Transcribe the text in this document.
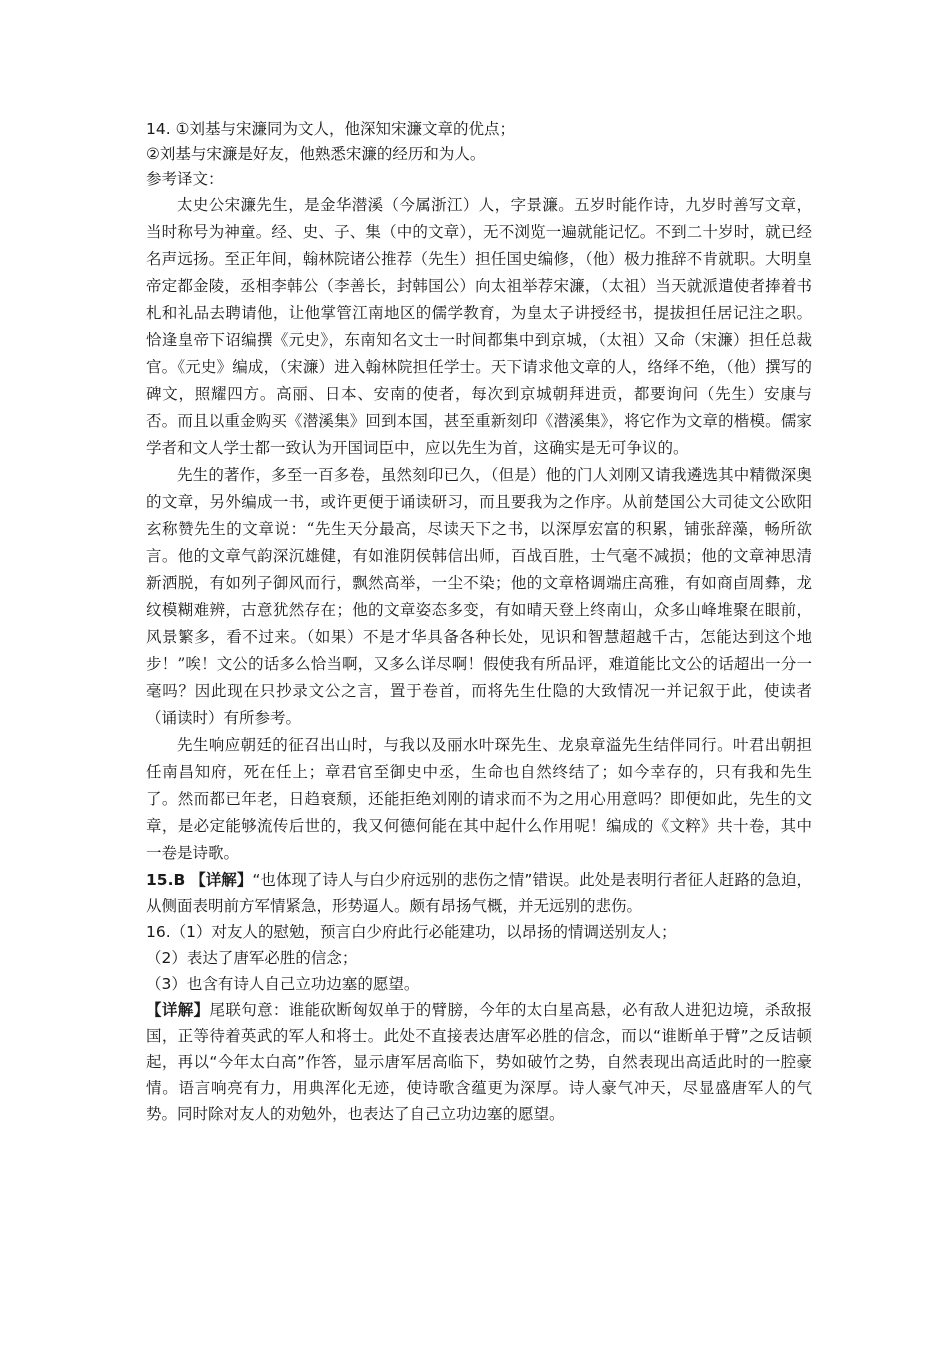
14. ①刘基与宋濂同为文人，他深知宋濂文章的优点；
②刘基与宋濂是好友，他熟悉宋濂的经历和为人。
参考译文：

太史公宋濂先生，是金华潜溪（今属浙江）人，字景濂。五岁时能作诗，九岁时善写文章，当时称号为神童。经、史、子、集（中的文章），无不浏览一遍就能记忆。不到二十岁时，就已经名声远扬。至正年间，翰林院诸公推荐（先生）担任国史编修，（他）极力推辞不肯就职。大明皇帝定都金陵，丞相李韩公（李善长，封韩国公）向太祖举荐宋濂，（太祖）当天就派遣使者捧着书札和礼品去聘请他，让他掌管江南地区的儒学教育，为皇太子讲授经书，提拔担任居记注之职。恰逢皇帝下诏编撰《元史》，东南知名文士一时间都集中到京城，（太祖）又命（宋濂）担任总裁官。《元史》编成，（宋濂）进入翰林院担任学士。天下请求他文章的人，络绎不绝，（他）撰写的碑文，照耀四方。高丽、日本、安南的使者，每次到京城朝拜进贡，都要询问（先生）安康与否。而且以重金购买《潜溪集》回到本国，甚至重新刻印《潜溪集》，将它作为文章的楷模。儒家学者和文人学士都一致认为开国词臣中，应以先生为首，这确实是无可争议的。

先生的著作，多至一百多卷，虽然刻印已久，（但是）他的门人刘刚又请我遴选其中精微深奥的文章，另外编成一书，或许更便于诵读研习，而且要我为之作序。从前楚国公大司徒文公欧阳玄称赞先生的文章说：“先生天分最高，尽读天下之书，以深厚宏富的积累，铺张辞藻，畅所欲言。他的文章气韵深沉雄健，有如淮阴侯韩信出师，百战百胜，士气毫不减损；他的文章神思清新洒脱，有如列子御风而行，飘然高举，一尘不染；他的文章格调端庄高雅，有如商卣周彝，龙纹模糊难辨，古意犹然存在；他的文章姿态多变，有如晴天登上终南山，众多山峰堆聚在眼前，风景繁多，看不过来。（如果）不是才华具备各种长处，见识和智慧超越千古，怎能达到这个地步！”唉！文公的话多么恰当啊，又多么详尽啊！假使我有所品评，难道能比文公的话超出一分一毫吗？因此现在只抄录文公之言，置于卷首，而将先生仕隐的大致情况一并记叙于此，使读者（诵读时）有所参考。

先生响应朝廷的征召出山时，与我以及丽水叶琛先生、龙泉章溢先生结伴同行。叶君出朝担任南昌知府，死在任上；章君官至御史中丞，生命也自然终结了；如今幸存的，只有我和先生了。然而都已年老，日趋衰颓，还能拒绝刘刚的请求而不为之用心用意吗？即便如此，先生的文章，是必定能够流传后世的，我又何德何能在其中起什么作用呢！编成的《文粹》共十卷，其中一卷是诗歌。

15.B 【详解】“也体现了诗人与白少府远别的悲伤之情”错误。此处是表明行者征人赶路的急迫，从侧面表明前方军情紧急，形势逼人。颇有昂扬气概，并无远别的悲伤。

16.（1）对友人的慰勉，预言白少府此行必能建功，以昂扬的情调送别友人；

（2）表达了唐军必胜的信念；

（3）也含有诗人自己立功边塞的愿望。

【详解】尾联句意：谁能砍断匈奴单于的臂膀，今年的太白星高悬，必有敌人进犯边境，杀敌报国，正等待着英武的军人和将士。此处不直接表达唐军必胜的信念，而以“谁断单于臂”之反诘顿起，再以“今年太白高”作答，显示唐军居高临下，势如破竹之势，自然表现出高适此时的一腔豪情。语言响亮有力，用典浑化无迹，使诗歌含蕴更为深厚。诗人豪气冲天，尽显盛唐军人的气势。同时除对友人的劝勉外，也表达了自己立功边塞的愿望。
